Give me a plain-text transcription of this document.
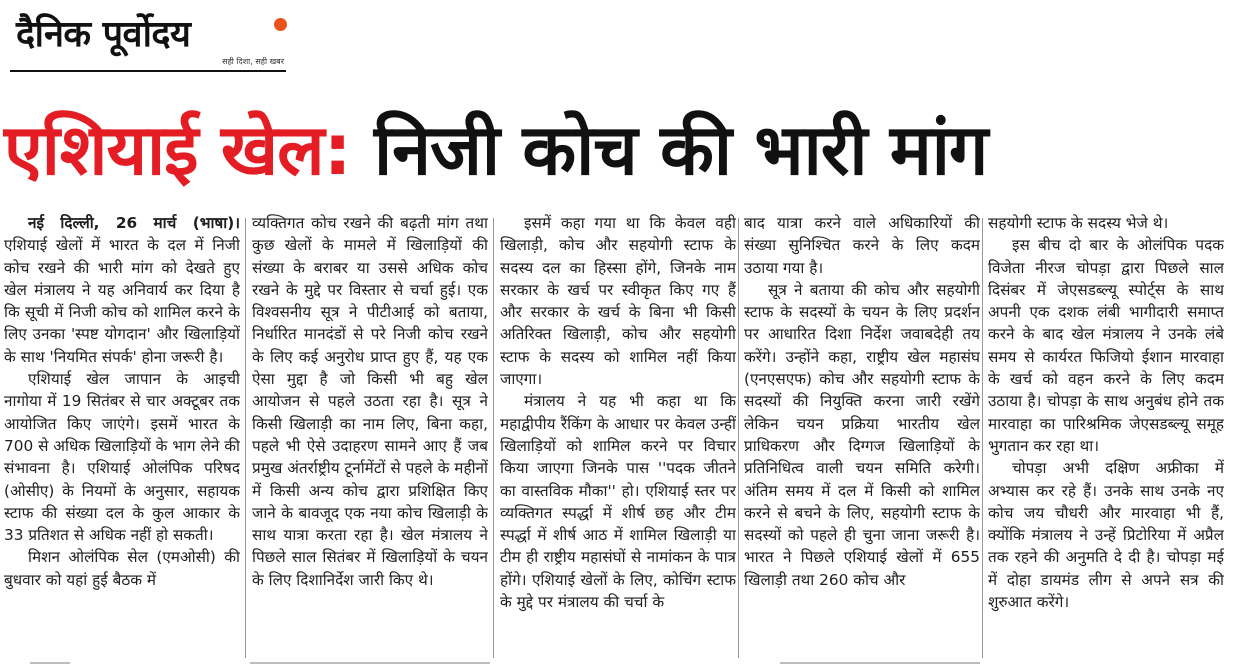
दैनिक पूर्वोदय
सही दिशा, सही खबर
एशियाई खेल: निजी कोच की भारी मांग

नई दिल्ली, 26 मार्च (भाषा)। एशियाई खेलों में भारत के दल में निजी कोच रखने की भारी मांग को देखते हुए खेल मंत्रालय ने यह अनिवार्य कर दिया है कि सूची में निजी कोच को शामिल करने के लिए उनका 'स्पष्ट योगदान' और खिलाड़ियों के साथ 'नियमित संपर्क' होना जरूरी है।

एशियाई खेल जापान के आइची नागोया में 19 सितंबर से चार अक्टूबर तक आयोजित किए जाएंगे। इसमें भारत के 700 से अधिक खिलाड़ियों के भाग लेने की संभावना है। एशियाई ओलंपिक परिषद (ओसीए) के नियमों के अनुसार, सहायक स्टाफ की संख्या दल के कुल आकार के 33 प्रतिशत से अधिक नहीं हो सकती।

मिशन ओलंपिक सेल (एमओसी) की बुधवार को यहां हुई बैठक में

व्यक्तिगत कोच रखने की बढ़ती मांग तथा कुछ खेलों के मामले में खिलाड़ियों की संख्या के बराबर या उससे अधिक कोच रखने के मुद्दे पर विस्तार से चर्चा हुई। एक विश्वसनीय सूत्र ने पीटीआई को बताया, निर्धारित मानदंडों से परे निजी कोच रखने के लिए कई अनुरोध प्राप्त हुए हैं, यह एक ऐसा मुद्दा है जो किसी भी बहु खेल आयोजन से पहले उठता रहा है। सूत्र ने किसी खिलाड़ी का नाम लिए, बिना कहा, पहले भी ऐसे उदाहरण सामने आए हैं जब प्रमुख अंतर्राष्ट्रीय टूर्नामेंटों से पहले के महीनों में किसी अन्य कोच द्वारा प्रशिक्षित किए जाने के बावजूद एक नया कोच खिलाड़ी के साथ यात्रा करता रहा है। खेल मंत्रालय ने पिछले साल सितंबर में खिलाड़ियों के चयन के लिए दिशानिर्देश जारी किए थे।

इसमें कहा गया था कि केवल वही खिलाड़ी, कोच और सहयोगी स्टाफ के सदस्य दल का हिस्सा होंगे, जिनके नाम सरकार के खर्च पर स्वीकृत किए गए हैं और सरकार के खर्च के बिना भी किसी अतिरिक्त खिलाड़ी, कोच और सहयोगी स्टाफ के सदस्य को शामिल नहीं किया जाएगा।

मंत्रालय ने यह भी कहा था कि महाद्वीपीय रैंकिंग के आधार पर केवल उन्हीं खिलाड़ियों को शामिल करने पर विचार किया जाएगा जिनके पास ''पदक जीतने का वास्तविक मौका'' हो। एशियाई स्तर पर व्यक्तिगत स्पर्द्धा में शीर्ष छह और टीम स्पर्द्धा में शीर्ष आठ में शामिल खिलाड़ी या टीम ही राष्ट्रीय महासंघों से नामांकन के पात्र होंगे। एशियाई खेलों के लिए, कोचिंग स्टाफ के मुद्दे पर मंत्रालय की चर्चा के

बाद यात्रा करने वाले अधिकारियों की संख्या सुनिश्चित करने के लिए कदम उठाया गया है।

सूत्र ने बताया की कोच और सहयोगी स्टाफ के सदस्यों के चयन के लिए प्रदर्शन पर आधारित दिशा निर्देश जवाबदेही तय करेंगे। उन्होंने कहा, राष्ट्रीय खेल महासंघ (एनएसएफ) कोच और सहयोगी स्टाफ के सदस्यों की नियुक्ति करना जारी रखेंगे लेकिन चयन प्रक्रिया भारतीय खेल प्राधिकरण और दिग्गज खिलाड़ियों के प्रतिनिधित्व वाली चयन समिति करेगी। अंतिम समय में दल में किसी को शामिल करने से बचने के लिए, सहयोगी स्टाफ के सदस्यों को पहले ही चुना जाना जरूरी है। भारत ने पिछले एशियाई खेलों में 655 खिलाड़ी तथा 260 कोच और

सहयोगी स्टाफ के सदस्य भेजे थे।

इस बीच दो बार के ओलंपिक पदक विजेता नीरज चोपड़ा द्वारा पिछले साल दिसंबर में जेएसडब्ल्यू स्पोर्ट्स के साथ अपनी एक दशक लंबी भागीदारी समाप्त करने के बाद खेल मंत्रालय ने उनके लंबे समय से कार्यरत फिजियो ईशान मारवाहा के खर्च को वहन करने के लिए कदम उठाया है। चोपड़ा के साथ अनुबंध होने तक मारवाहा का पारिश्रमिक जेएसडब्ल्यू समूह भुगतान कर रहा था।

चोपड़ा अभी दक्षिण अफ्रीका में अभ्यास कर रहे हैं। उनके साथ उनके नए कोच जय चौधरी और मारवाहा भी हैं, क्योंकि मंत्रालय ने उन्हें प्रिटोरिया में अप्रैल तक रहने की अनुमति दे दी है। चोपड़ा मई में दोहा डायमंड लीग से अपने सत्र की शुरुआत करेंगे।
